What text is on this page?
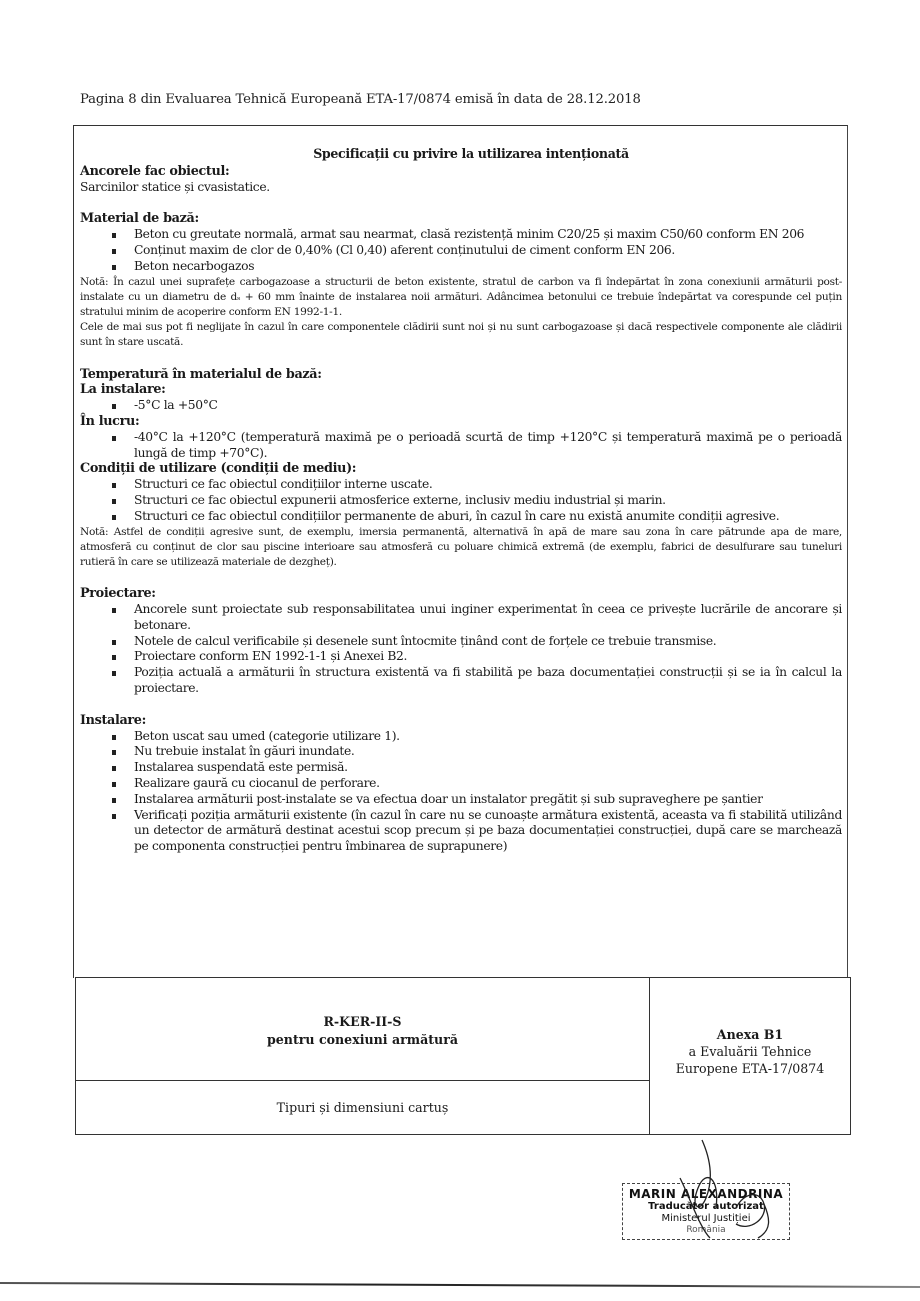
Pagina 8 din Evaluarea Tehnică Europeană ETA-17/0874 emisă în data de 28.12.2018
Specificații cu privire la utilizarea intenționată
Ancorele fac obiectul:
Sarcinilor statice și cvasistatice.
Material de bază:
Beton cu greutate normală, armat sau nearmat, clasă rezistență minim C20/25 și maxim C50/60 conform EN 206
Conținut maxim de clor de 0,40% (Cl 0,40) aferent conținutului de ciment conform EN 206.
Beton necarbogazos
Notă: În cazul unei suprafețe carbogazoase a structurii de beton existente, stratul de carbon va fi îndepărtat în zona conexiunii armăturii post-instalate cu un diametru de dₛ + 60 mm înainte de instalarea noii armături. Adâncimea betonului ce trebuie îndepărtat va corespunde cel puțin stratului minim de acoperire conform EN 1992-1-1.
Cele de mai sus pot fi neglijate în cazul în care componentele clădirii sunt noi și nu sunt carbogazoase și dacă respectivele componente ale clădirii sunt în stare uscată.
Temperatură în materialul de bază:
La instalare:
-5°C la +50°C
În lucru:
-40°C la +120°C (temperatură maximă pe o perioadă scurtă de timp +120°C și temperatură maximă pe o perioadă lungă de timp +70°C).
Condiții de utilizare (condiții de mediu):
Structuri ce fac obiectul condițiilor interne uscate.
Structuri ce fac obiectul expunerii atmosferice externe, inclusiv mediu industrial și marin.
Structuri ce fac obiectul condițiilor permanente de aburi, în cazul în care nu există anumite condiții agresive.
Notă: Astfel de condiții agresive sunt, de exemplu, imersia permanentă, alternativă în apă de mare sau zona în care pătrunde apa de mare, atmosferă cu conținut de clor sau piscine interioare sau atmosferă cu poluare chimică extremă (de exemplu, fabrici de desulfurare sau tuneluri rutieră în care se utilizează materiale de dezgheț).
Proiectare:
Ancorele sunt proiectate sub responsabilitatea unui inginer experimentat în ceea ce privește lucrările de ancorare și betonare.
Notele de calcul verificabile și desenele sunt întocmite ținând cont de forțele ce trebuie transmise.
Proiectare conform EN 1992-1-1 și Anexei B2.
Poziția actuală a armăturii în structura existentă va fi stabilită pe baza documentației construcții și se ia în calcul la proiectare.
Instalare:
Beton uscat sau umed (categorie utilizare 1).
Nu trebuie instalat în găuri inundate.
Instalarea suspendată este permisă.
Realizare gaură cu ciocanul de perforare.
Instalarea armăturii post-instalate se va efectua doar un instalator pregătit și sub supraveghere pe șantier
Verificați poziția armăturii existente (în cazul în care nu se cunoaște armătura existentă, aceasta va fi stabilită utilizând un detector de armătură destinat acestui scop precum și pe baza documentației construcției, după care se marchează pe componenta construcției pentru îmbinarea de suprapunere)
R-KER-II-S
pentru conexiuni armătură
Tipuri și dimensiuni cartuș
Anexa B1
a Evaluării Tehnice
Europene ETA-17/0874
MARIN ALEXANDRINA
Traducător autorizat
Ministerul Justiției
România
